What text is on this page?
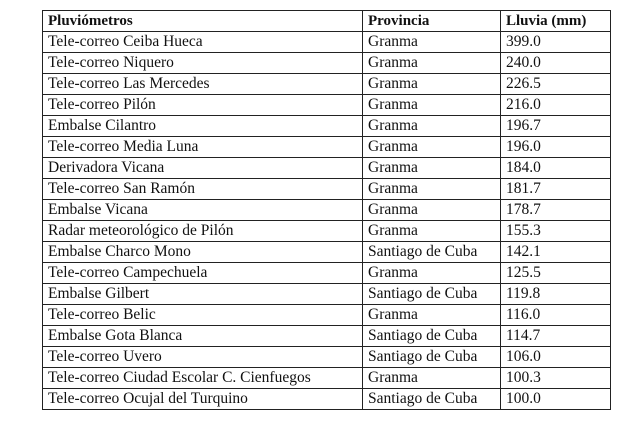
Pluviómetros	Provincia	Lluvia (mm)
Tele-correo Ceiba Hueca	Granma	399.0
Tele-correo Niquero	Granma	240.0
Tele-correo Las Mercedes	Granma	226.5
Tele-correo Pilón	Granma	216.0
Embalse Cilantro	Granma	196.7
Tele-correo Media Luna	Granma	196.0
Derivadora Vicana	Granma	184.0
Tele-correo San Ramón	Granma	181.7
Embalse Vicana	Granma	178.7
Radar meteorológico de Pilón	Granma	155.3
Embalse Charco Mono	Santiago de Cuba	142.1
Tele-correo Campechuela	Granma	125.5
Embalse Gilbert	Santiago de Cuba	119.8
Tele-correo Belic	Granma	116.0
Embalse Gota Blanca	Santiago de Cuba	114.7
Tele-correo Uvero	Santiago de Cuba	106.0
Tele-correo Ciudad Escolar C. Cienfuegos	Granma	100.3
Tele-correo Ocujal del Turquino	Santiago de Cuba	100.0
